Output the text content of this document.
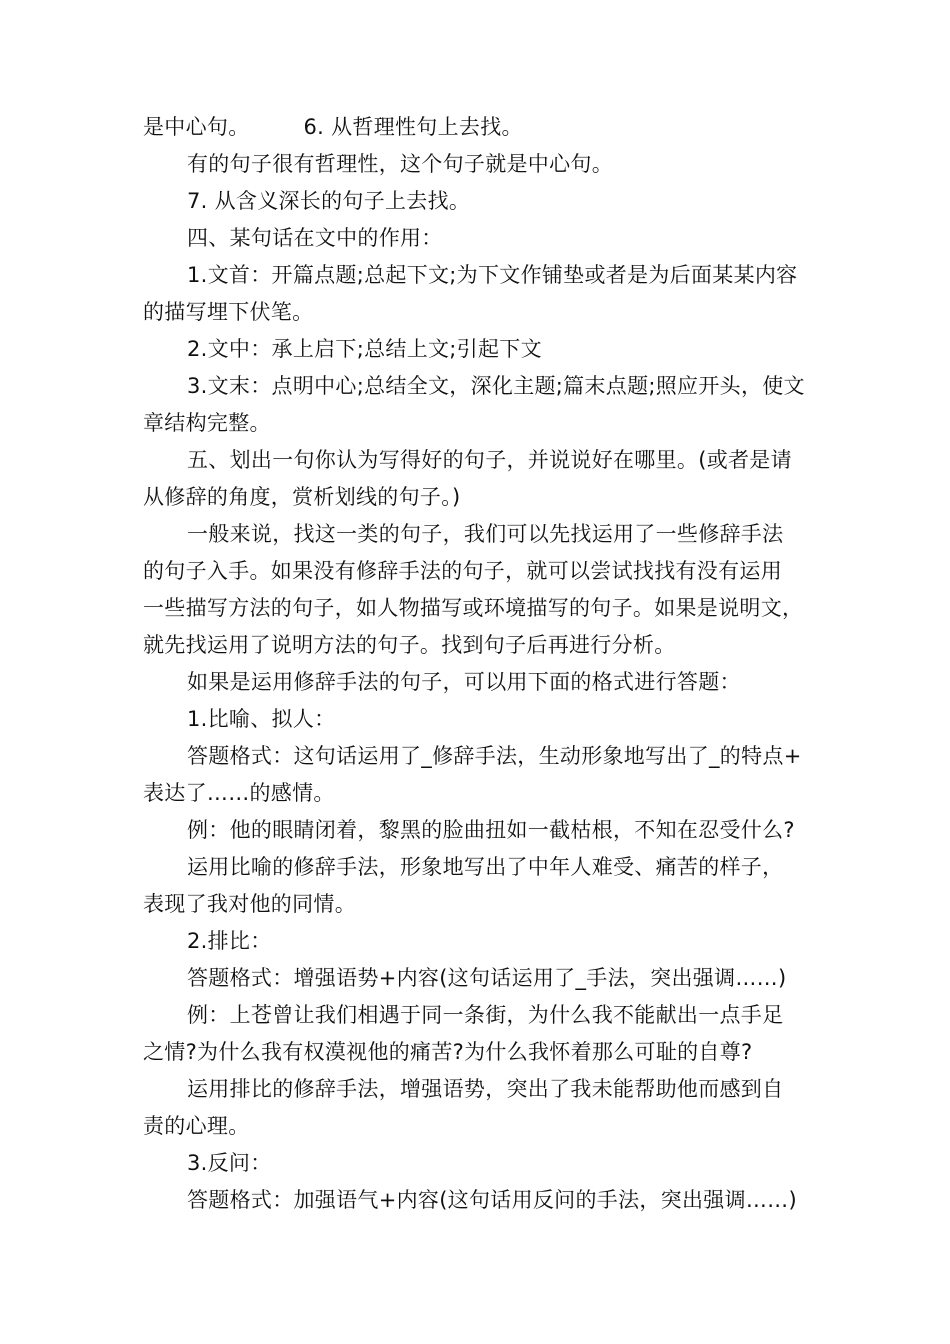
是中心句。	6. 从哲理性句上去找。
有的句子很有哲理性，这个句子就是中心句。
7. 从含义深长的句子上去找。
四、某句话在文中的作用：
1.文首：开篇点题;总起下文;为下文作铺垫或者是为后面某某内容
的描写埋下伏笔。
2.文中：承上启下;总结上文;引起下文
3.文末：点明中心;总结全文，深化主题;篇末点题;照应开头，使文
章结构完整。
五、划出一句你认为写得好的句子，并说说好在哪里。(或者是请
从修辞的角度，赏析划线的句子。)
一般来说，找这一类的句子，我们可以先找运用了一些修辞手法
的句子入手。如果没有修辞手法的句子，就可以尝试找找有没有运用
一些描写方法的句子，如人物描写或环境描写的句子。如果是说明文，
就先找运用了说明方法的句子。找到句子后再进行分析。
如果是运用修辞手法的句子，可以用下面的格式进行答题：
1.比喻、拟人：
答题格式：这句话运用了_修辞手法，生动形象地写出了_的特点+
表达了……的感情。
例：他的眼睛闭着，黎黑的脸曲扭如一截枯根，不知在忍受什么?
运用比喻的修辞手法，形象地写出了中年人难受、痛苦的样子，
表现了我对他的同情。
2.排比：
答题格式：增强语势+内容(这句话运用了_手法，突出强调……)
例：上苍曾让我们相遇于同一条街，为什么我不能献出一点手足
之情?为什么我有权漠视他的痛苦?为什么我怀着那么可耻的自尊?
运用排比的修辞手法，增强语势，突出了我未能帮助他而感到自
责的心理。
3.反问：
答题格式：加强语气+内容(这句话用反问的手法，突出强调……)
